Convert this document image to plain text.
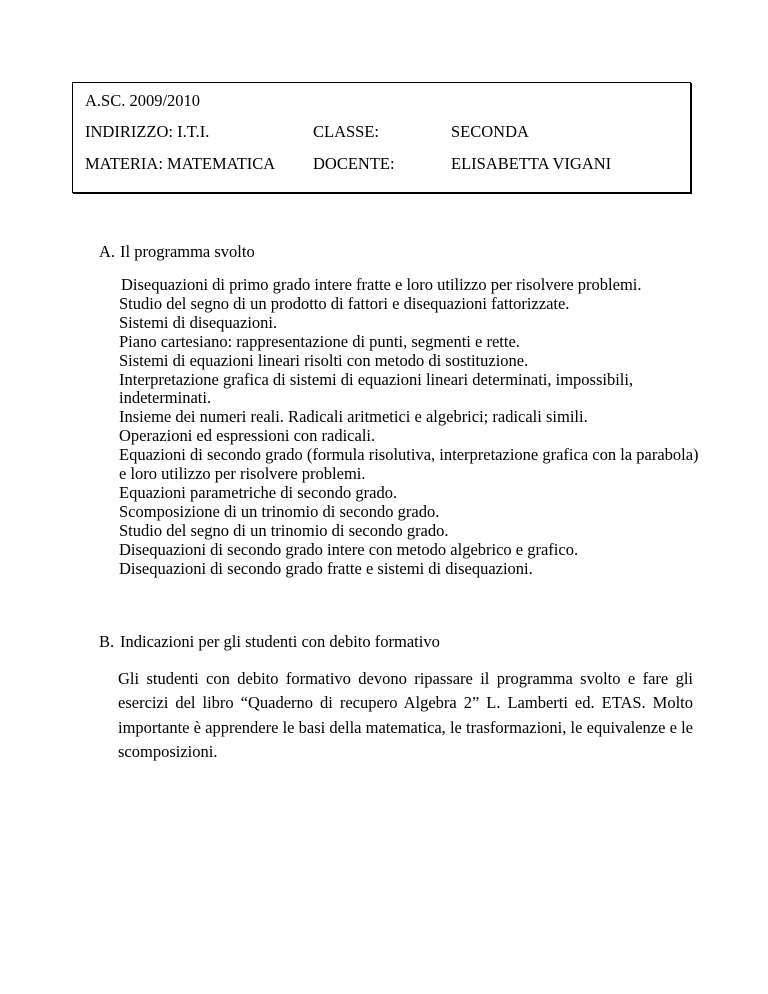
A.SC. 2009/2010
INDIRIZZO: I.T.I.	CLASSE:	SECONDA
MATERIA: MATEMATICA DOCENTE:	ELISABETTA VIGANI
A. Il programma svolto
Disequazioni di primo grado intere fratte e loro utilizzo per risolvere problemi.
Studio del segno di un prodotto di fattori e disequazioni fattorizzate.
Sistemi di disequazioni.
Piano cartesiano: rappresentazione di punti, segmenti e rette.
Sistemi di equazioni lineari risolti con metodo di sostituzione.
Interpretazione grafica di sistemi di equazioni lineari determinati, impossibili, indeterminati.
Insieme dei numeri reali. Radicali aritmetici e algebrici; radicali simili.
Operazioni ed espressioni con radicali.
Equazioni di secondo grado (formula risolutiva, interpretazione grafica con la parabola) e loro utilizzo per risolvere problemi.
Equazioni parametriche di secondo grado.
Scomposizione di un trinomio di secondo grado.
Studio del segno di un trinomio di secondo grado.
Disequazioni di secondo grado intere con metodo algebrico e grafico.
Disequazioni di secondo grado fratte e sistemi di disequazioni.
B. Indicazioni per gli studenti con debito formativo

Gli studenti con debito formativo devono ripassare il programma svolto e fare gli esercizi del libro “Quaderno di recupero Algebra 2” L. Lamberti ed. ETAS. Molto importante è apprendere le basi della matematica, le trasformazioni, le equivalenze e le scomposizioni.
